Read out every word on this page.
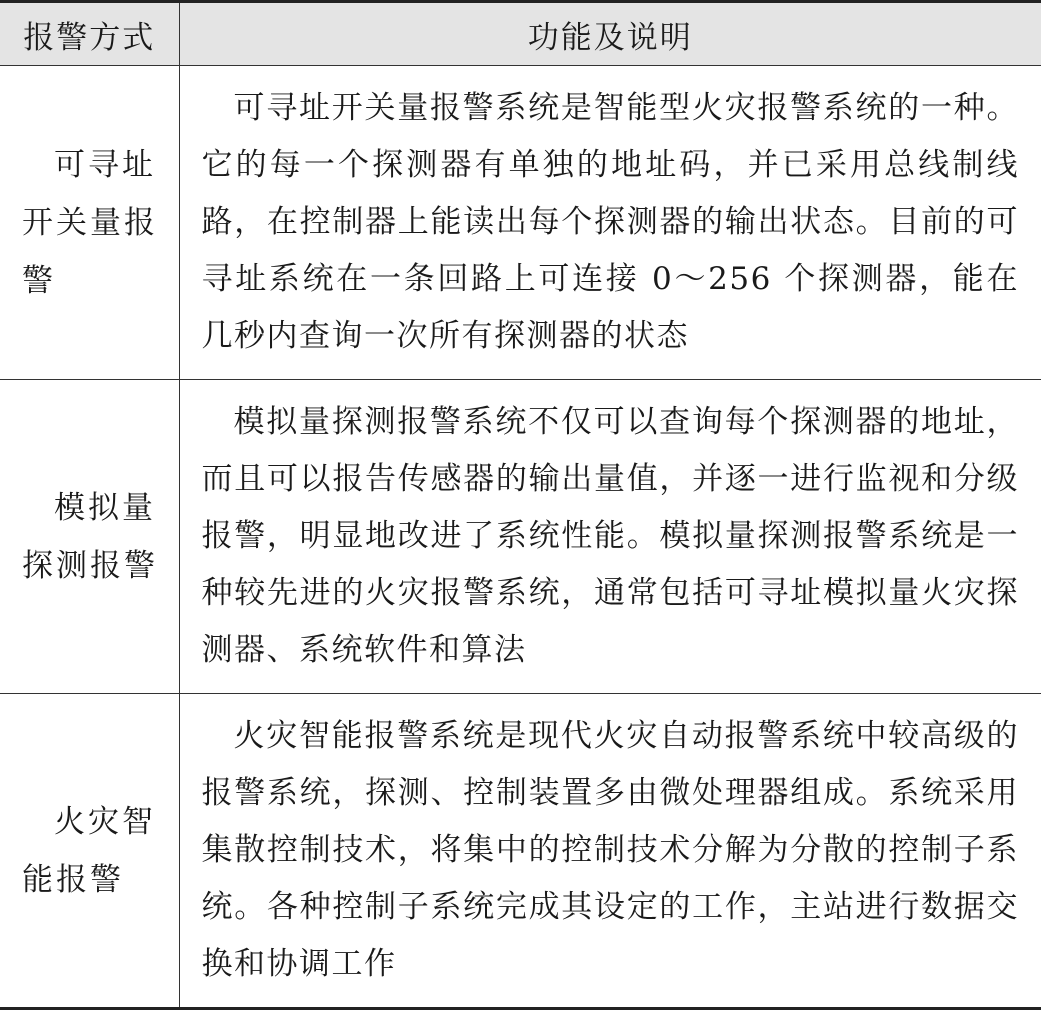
报警方式	功能及说明

可寻址开关量报警	可寻址开关量报警系统是智能型火灾报警系统的一种。它的每一个探测器有单独的地址码，并已采用总线制线路，在控制器上能读出每个探测器的输出状态。目前的可寻址系统在一条回路上可连接 0～256 个探测器，能在几秒内查询一次所有探测器的状态

模拟量探测报警	模拟量探测报警系统不仅可以查询每个探测器的地址，而且可以报告传感器的输出量值，并逐一进行监视和分级报警，明显地改进了系统性能。模拟量探测报警系统是一种较先进的火灾报警系统，通常包括可寻址模拟量火灾探测器、系统软件和算法

火灾智能报警	火灾智能报警系统是现代火灾自动报警系统中较高级的报警系统，探测、控制装置多由微处理器组成。系统采用集散控制技术，将集中的控制技术分解为分散的控制子系统。各种控制子系统完成其设定的工作，主站进行数据交换和协调工作
